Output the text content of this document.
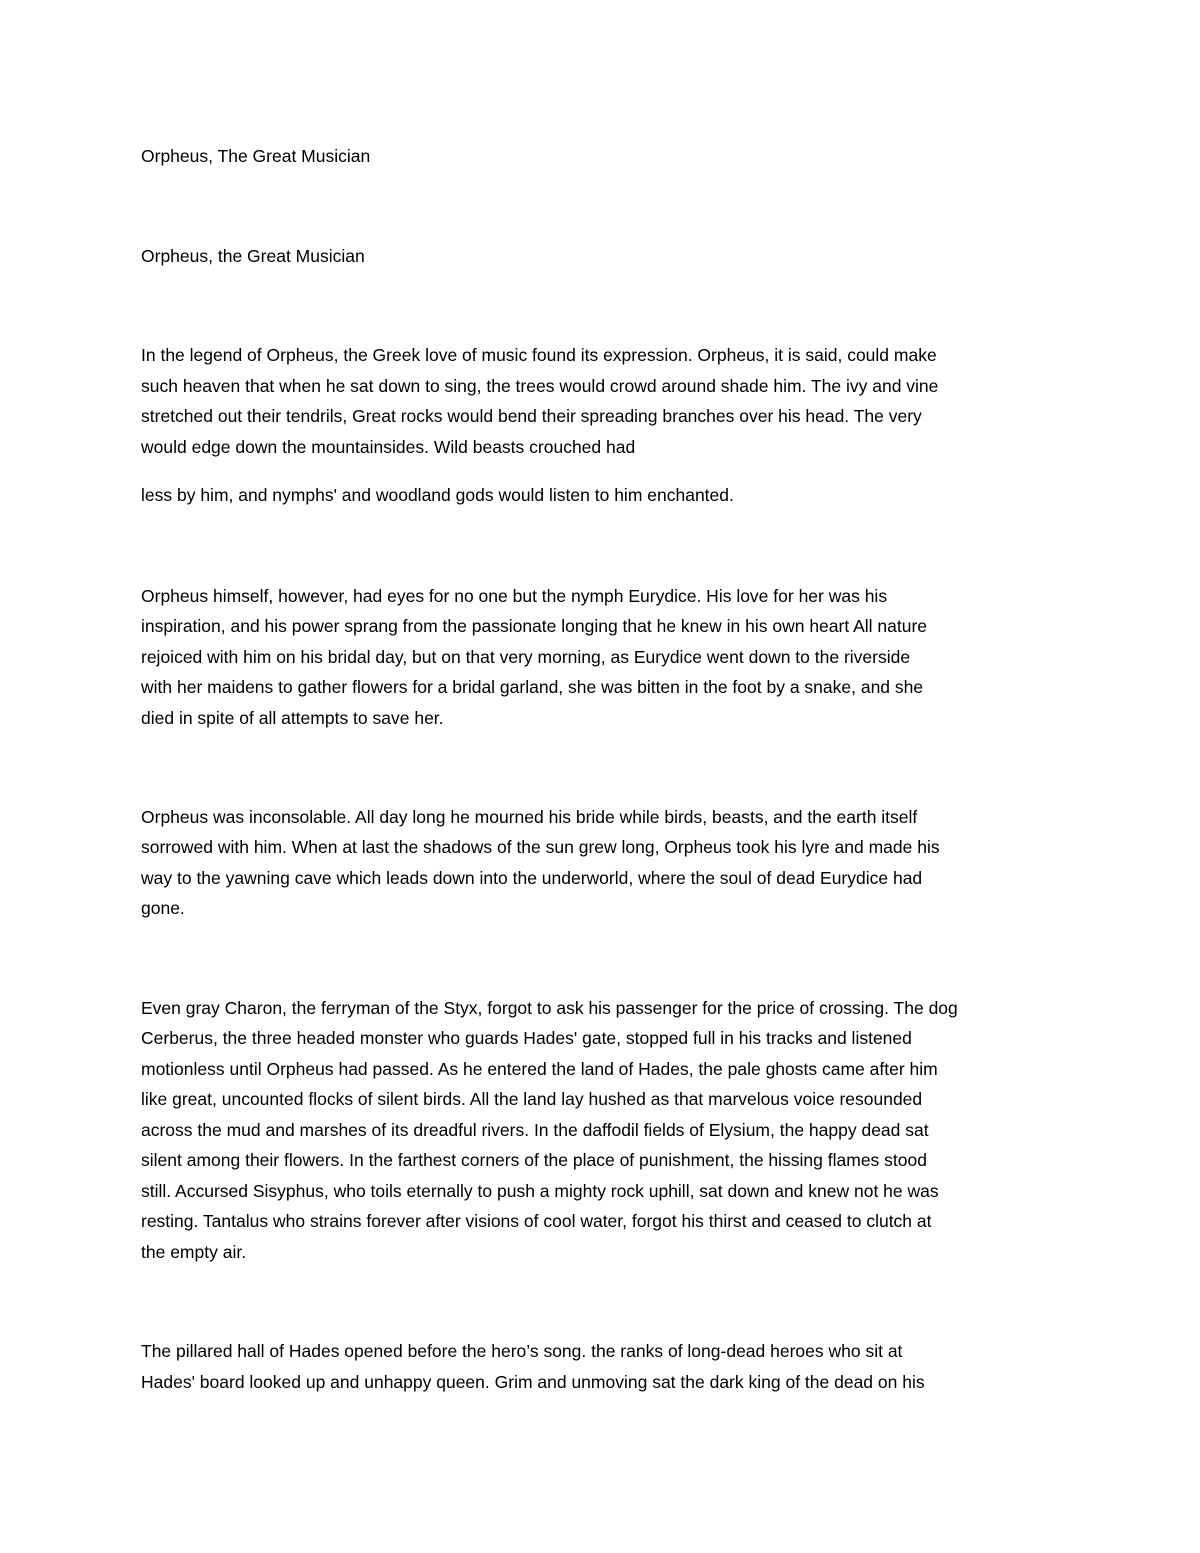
Orpheus, The Great Musician
Orpheus, the Great Musician
In the legend of Orpheus, the Greek love of music found its expression. Orpheus, it is said, could make
such heaven that when he sat down to sing, the trees would crowd around shade him. The ivy and vine
stretched out their tendrils, Great rocks would bend their spreading branches over his head. The very
would edge down the mountainsides. Wild beasts crouched had
less by him, and nymphs' and woodland gods would listen to him enchanted.
Orpheus himself, however, had eyes for no one but the nymph Eurydice. His love for her was his
inspiration, and his power sprang from the passionate longing that he knew in his own heart All nature
rejoiced with him on his bridal day, but on that very morning, as Eurydice went down to the riverside
with her maidens to gather flowers for a bridal garland, she was bitten in the foot by a snake, and she
died in spite of all attempts to save her.
Orpheus was inconsolable. All day long he mourned his bride while birds, beasts, and the earth itself
sorrowed with him. When at last the shadows of the sun grew long, Orpheus took his lyre and made his
way to the yawning cave which leads down into the underworld, where the soul of dead Eurydice had
gone.
Even gray Charon, the ferryman of the Styx, forgot to ask his passenger for the price of crossing. The dog
Cerberus, the three headed monster who guards Hades' gate, stopped full in his tracks and listened
motionless until Orpheus had passed. As he entered the land of Hades, the pale ghosts came after him
like great, uncounted flocks of silent birds. All the land lay hushed as that marvelous voice resounded
across the mud and marshes of its dreadful rivers. In the daffodil fields of Elysium, the happy dead sat
silent among their flowers. In the farthest corners of the place of punishment, the hissing flames stood
still. Accursed Sisyphus, who toils eternally to push a mighty rock uphill, sat down and knew not he was
resting. Tantalus who strains forever after visions of cool water, forgot his thirst and ceased to clutch at
the empty air.
The pillared hall of Hades opened before the hero’s song. the ranks of long-dead heroes who sit at
Hades' board looked up and unhappy queen. Grim and unmoving sat the dark king of the dead on his
